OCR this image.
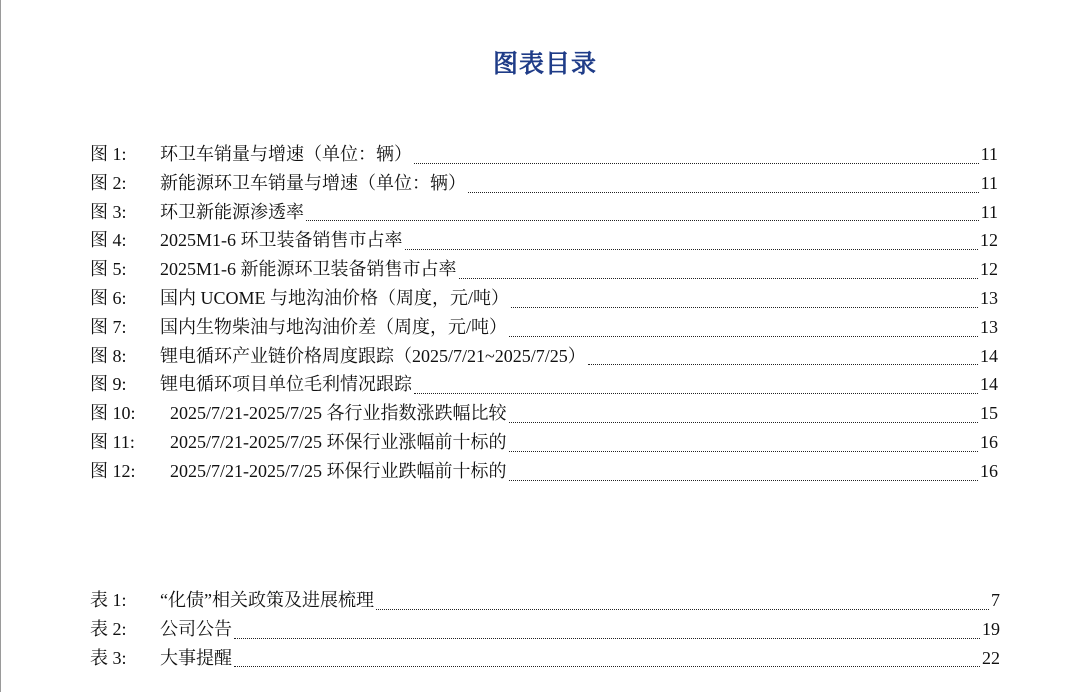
图表目录
图 1:	环卫车销量与增速（单位：辆）	11
图 2:	新能源环卫车销量与增速（单位：辆）	11
图 3:	环卫新能源渗透率	11
图 4:	2025M1-6 环卫装备销售市占率	12
图 5:	2025M1-6 新能源环卫装备销售市占率	12
图 6:	国内 UCOME 与地沟油价格（周度，元/吨）	13
图 7:	国内生物柴油与地沟油价差（周度，元/吨）	13
图 8:	锂电循环产业链价格周度跟踪（2025/7/21~2025/7/25）	14
图 9:	锂电循环项目单位毛利情况跟踪	14
图 10:	2025/7/21-2025/7/25 各行业指数涨跌幅比较	15
图 11:	2025/7/21-2025/7/25 环保行业涨幅前十标的	16
图 12:	2025/7/21-2025/7/25 环保行业跌幅前十标的	16
表 1:	“化债”相关政策及进展梳理	7
表 2:	公司公告	19
表 3:	大事提醒	22
